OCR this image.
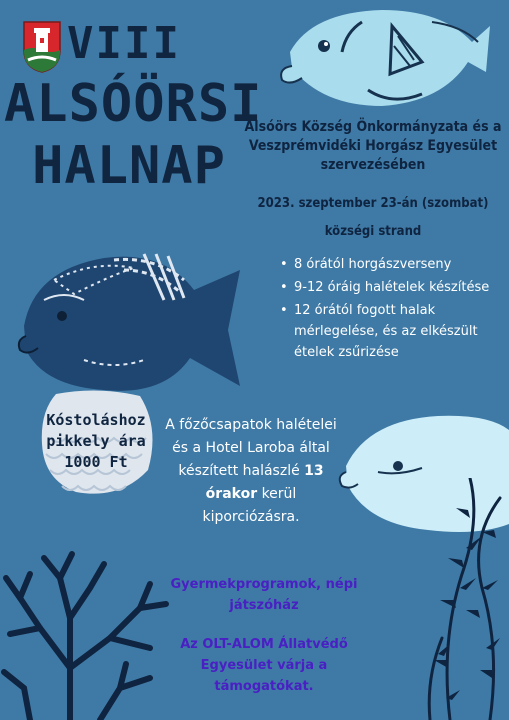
VIII
ALSÓÖRSI
HALNAP
Alsóörs Község Önkormányzata és a
Veszprémvidéki Horgász Egyesület
szervezésében
2023. szeptember 23-án (szombat)
községi strand
• 8 órától horgászverseny
• 9-12 óráig halételek készítése
• 12 órától fogott halak mérlegelése, és az elkészült ételek zsűrizése
Kóstoláshoz
pikkely ára
1000 Ft
A főzőcsapatok halételei és a Hotel Laroba által készített halászlé 13 órakor kerül kiporciózásra.
Gyermekprogramok, népi játszóház
Az OLT-ALOM Állatvédő Egyesület várja a támogatókat.
